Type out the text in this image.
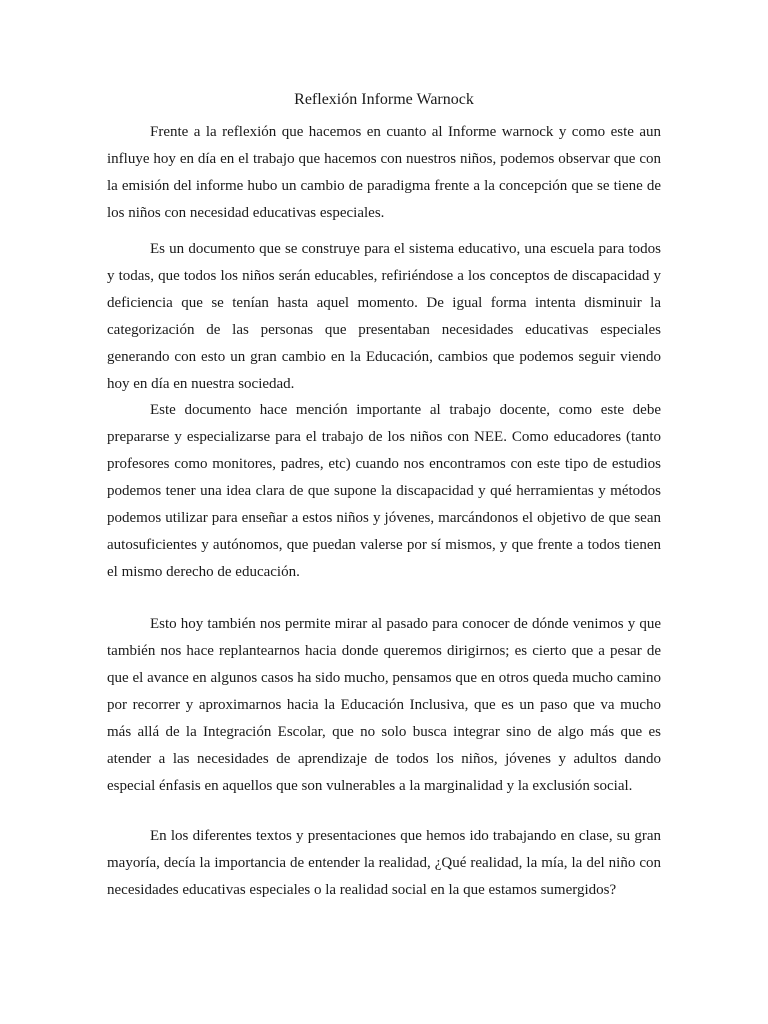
Reflexión Informe Warnock

Frente a la reflexión que hacemos en cuanto al Informe warnock y como este aun influye hoy en día en el trabajo que hacemos con nuestros niños, podemos observar que con la emisión del informe hubo un cambio de paradigma frente a la concepción que se tiene de los niños con necesidad educativas especiales.

Es un documento que se construye para el sistema educativo, una escuela para todos y todas, que todos los niños serán educables, refiriéndose a los conceptos de discapacidad y deficiencia que se tenían hasta aquel momento. De igual forma intenta disminuir la categorización de las personas que presentaban necesidades educativas especiales generando con esto un gran cambio en la Educación, cambios que podemos seguir viendo hoy en día en nuestra sociedad.

Este documento hace mención importante al trabajo docente, como este debe prepararse y especializarse para el trabajo de los niños con NEE. Como educadores (tanto profesores como monitores, padres, etc) cuando nos encontramos con este tipo de estudios podemos tener una idea clara de que supone la discapacidad y qué herramientas y métodos podemos utilizar para enseñar a estos niños y jóvenes, marcándonos el objetivo de que sean autosuficientes y autónomos, que puedan valerse por sí mismos, y que frente a todos tienen el mismo derecho de educación.

Esto hoy también nos permite mirar al pasado para conocer de dónde venimos y que también nos hace replantearnos hacia donde queremos dirigirnos; es cierto que a pesar de que el avance en algunos casos ha sido mucho, pensamos que en otros queda mucho camino por recorrer y aproximarnos hacia la Educación Inclusiva, que es un paso que va mucho más allá de la Integración Escolar, que no solo busca integrar sino de algo más que es atender a las necesidades de aprendizaje de todos los niños, jóvenes y adultos dando especial énfasis en aquellos que son vulnerables a la marginalidad y la exclusión social.

En los diferentes textos y presentaciones que hemos ido trabajando en clase, su gran mayoría, decía la importancia de entender la realidad, ¿Qué realidad, la mía, la del niño con necesidades educativas especiales o la realidad social en la que estamos sumergidos?
